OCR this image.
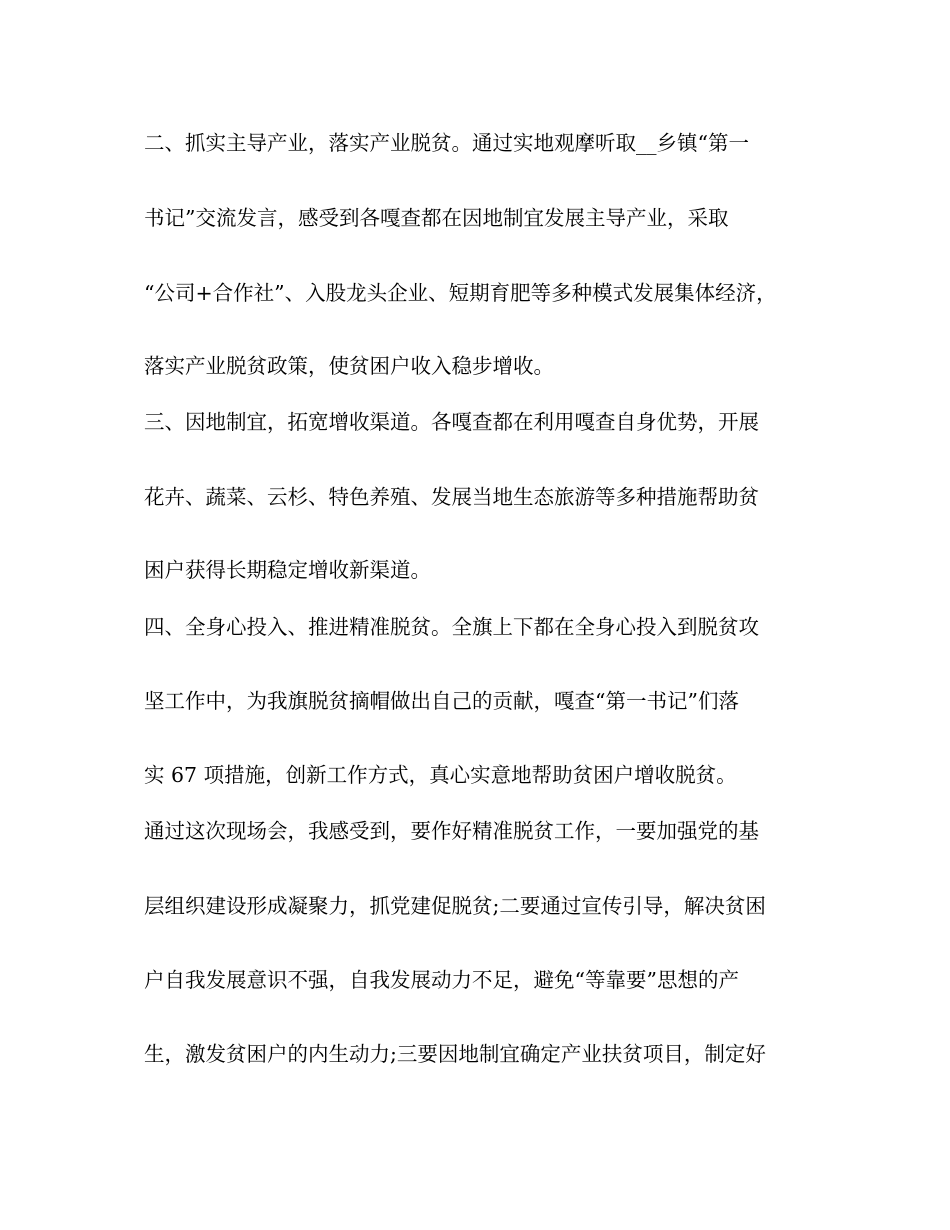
二、抓实主导产业，落实产业脱贫。通过实地观摩听取__乡镇“第一
书记”交流发言，感受到各嘎查都在因地制宜发展主导产业，采取
“公司+合作社”、入股龙头企业、短期育肥等多种模式发展集体经济，
落实产业脱贫政策，使贫困户收入稳步增收。
三、因地制宜，拓宽增收渠道。各嘎查都在利用嘎查自身优势，开展
花卉、蔬菜、云杉、特色养殖、发展当地生态旅游等多种措施帮助贫
困户获得长期稳定增收新渠道。
四、全身心投入、推进精准脱贫。全旗上下都在全身心投入到脱贫攻
坚工作中，为我旗脱贫摘帽做出自己的贡献，嘎查“第一书记”们落
实 67 项措施，创新工作方式，真心实意地帮助贫困户增收脱贫。
通过这次现场会，我感受到，要作好精准脱贫工作，一要加强党的基
层组织建设形成凝聚力，抓党建促脱贫;二要通过宣传引导，解决贫困
户自我发展意识不强，自我发展动力不足，避免“等靠要”思想的产
生，激发贫困户的内生动力;三要因地制宜确定产业扶贫项目，制定好
